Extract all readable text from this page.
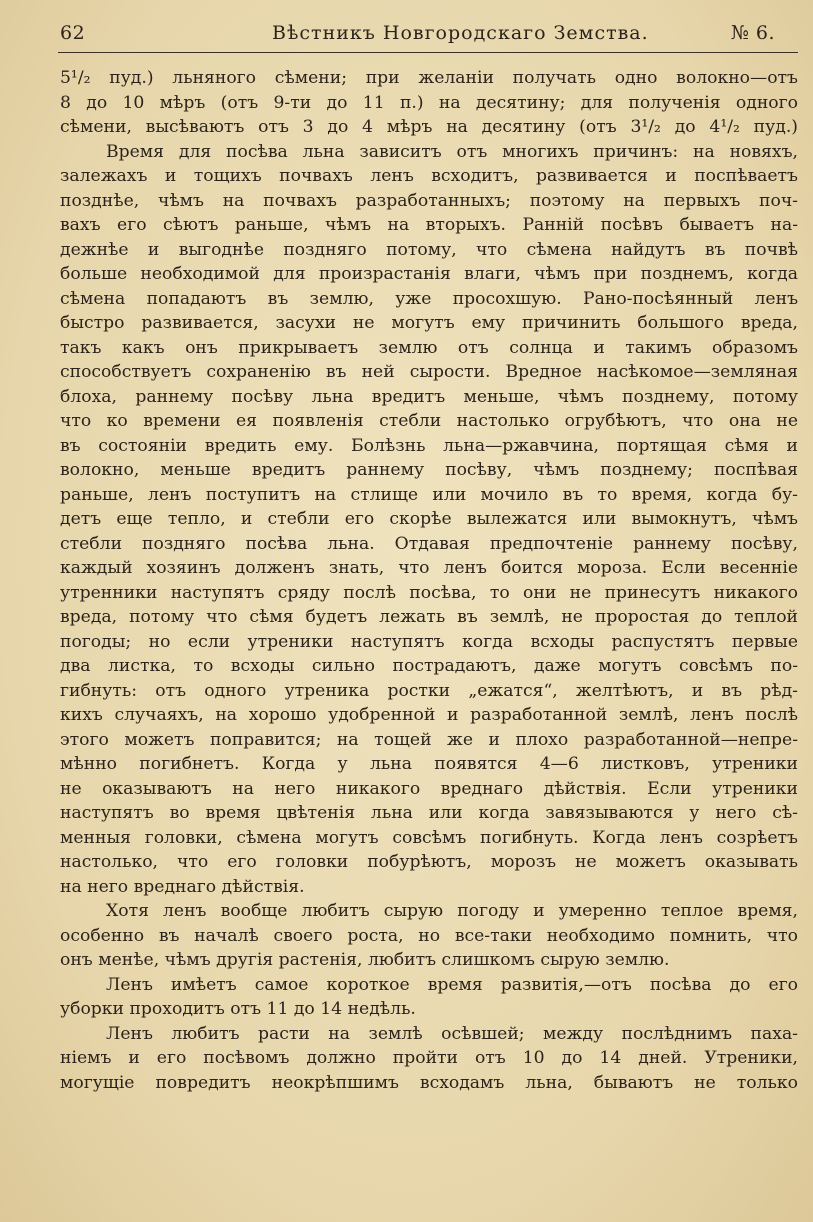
62	Вѣстникъ Новгородскаго Земства.	№ 6.
5¹/₂ пуд.) льняного сѣмени; при желаніи получать одно волокно—отъ
8 до 10 мѣръ (отъ 9-ти до 11 п.) на десятину; для полученія одного
сѣмени, высѣваютъ отъ 3 до 4 мѣръ на десятину (отъ 3¹/₂ до 4¹/₂ пуд.)
Время для посѣва льна зависитъ отъ многихъ причинъ: на новяхъ,
залежахъ и тощихъ почвахъ ленъ всходитъ, развивается и поспѣваетъ
позднѣе, чѣмъ на почвахъ разработанныхъ; поэтому на первыхъ поч-
вахъ его сѣютъ раньше, чѣмъ на вторыхъ. Ранній посѣвъ бываетъ на-
дежнѣе и выгоднѣе поздняго потому, что сѣмена найдутъ въ почвѣ
больше необходимой для произрастанія влаги, чѣмъ при позднемъ, когда
сѣмена попадаютъ въ землю, уже просохшую. Рано-посѣянный ленъ
быстро развивается, засухи не могутъ ему причинить большого вреда,
такъ какъ онъ прикрываетъ землю отъ солнца и такимъ образомъ
способствуетъ сохраненію въ ней сырости. Вредное насѣкомое—земляная
блоха, раннему посѣву льна вредитъ меньше, чѣмъ позднему, потому
что ко времени ея появленія стебли настолько огрубѣютъ, что она не
въ состояніи вредить ему. Болѣзнь льна—ржавчина, портящая сѣмя и
волокно, меньше вредитъ раннему посѣву, чѣмъ позднему; поспѣвая
раньше, ленъ поступитъ на стлище или мочило въ то время, когда бу-
детъ еще тепло, и стебли его скорѣе вылежатся или вымокнутъ, чѣмъ
стебли поздняго посѣва льна. Отдавая предпочтеніе раннему посѣву,
каждый хозяинъ долженъ знать, что ленъ боится мороза. Если весенніе
утренники наступятъ сряду послѣ посѣва, то они не принесутъ никакого
вреда, потому что сѣмя будетъ лежать въ землѣ, не проростая до теплой
погоды; но если утреники наступятъ когда всходы распустятъ первые
два листка, то всходы сильно пострадаютъ, даже могутъ совсѣмъ по-
гибнуть: отъ одного утреника ростки „ежатся“, желтѣютъ, и въ рѣд-
кихъ случаяхъ, на хорошо удобренной и разработанной землѣ, ленъ послѣ
этого можетъ поправится; на тощей же и плохо разработанной—непре-
мѣнно погибнетъ. Когда у льна появятся 4—6 листковъ, утреники
не оказываютъ на него никакого вреднаго дѣйствія. Если утреники
наступятъ во время цвѣтенія льна или когда завязываются у него сѣ-
менныя головки, сѣмена могутъ совсѣмъ погибнуть. Когда ленъ созрѣетъ
настолько, что его головки побурѣютъ, морозъ не можетъ оказывать
на него вреднаго дѣйствія.
Хотя ленъ вообще любитъ сырую погоду и умеренно теплое время,
особенно въ началѣ своего роста, но все-таки необходимо помнить, что
онъ менѣе, чѣмъ другія растенія, любитъ слишкомъ сырую землю.
Ленъ имѣетъ самое короткое время развитія,—отъ посѣва до его
уборки проходитъ отъ 11 до 14 недѣль.
Ленъ любитъ расти на землѣ осѣвшей; между послѣднимъ паха-
ніемъ и его посѣвомъ должно пройти отъ 10 до 14 дней. Утреники,
могущіе повредитъ неокрѣпшимъ всходамъ льна, бываютъ не только
